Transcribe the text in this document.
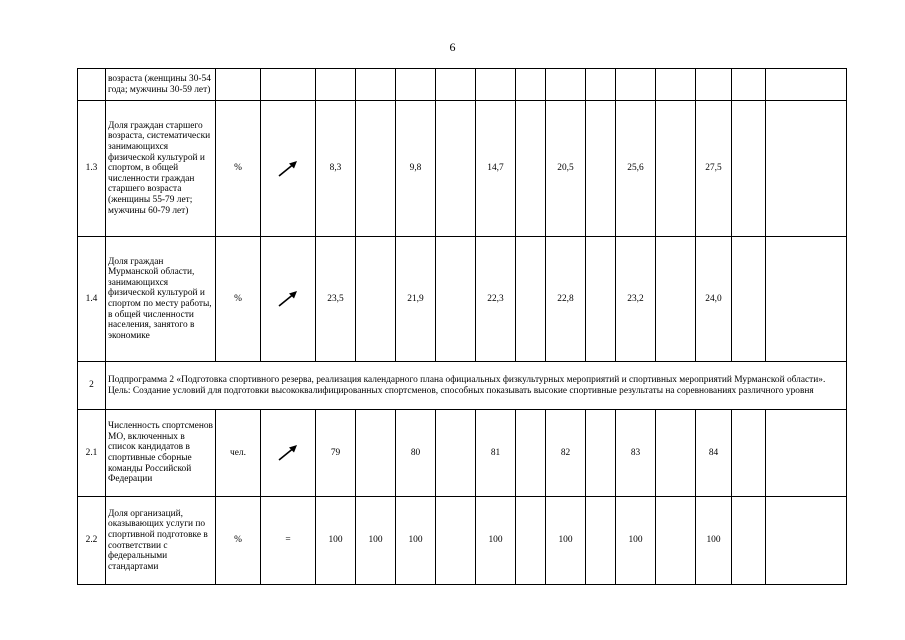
6
	возраста (женщины 30-54 года; мужчины 30-59 лет)																
1.3	Доля граждан старшего возраста, систематически занимающихся физической культурой и спортом, в общей численности граждан старшего возраста (женщины 55-79 лет; мужчины 60-79 лет)	%		8,3		9,8		14,7		20,5		25,6		27,5			
1.4	Доля граждан Мурманской области, занимающихся физической культурой и спортом по месту работы, в общей численности населения, занятого в экономике	%		23,5		21,9		22,3		22,8		23,2		24,0			
2	Подпрограмма 2 «Подготовка спортивного резерва, реализация календарного плана официальных физкультурных мероприятий и спортивных мероприятий Мурманской области».
Цель: Создание условий для подготовки высококвалифицированных спортсменов, способных показывать высокие спортивные результаты на соревнованиях различного уровня																

2.1	Численность спортсменов МО, включенных в список кандидатов в спортивные сборные команды Российской Федерации	чел.		79		80		81		82		83		84			
2.2	Доля организаций, оказывающих услуги по спортивной подготовке в соответствии с федеральными стандартами	%	=	100	100	100		100		100		100		100			
